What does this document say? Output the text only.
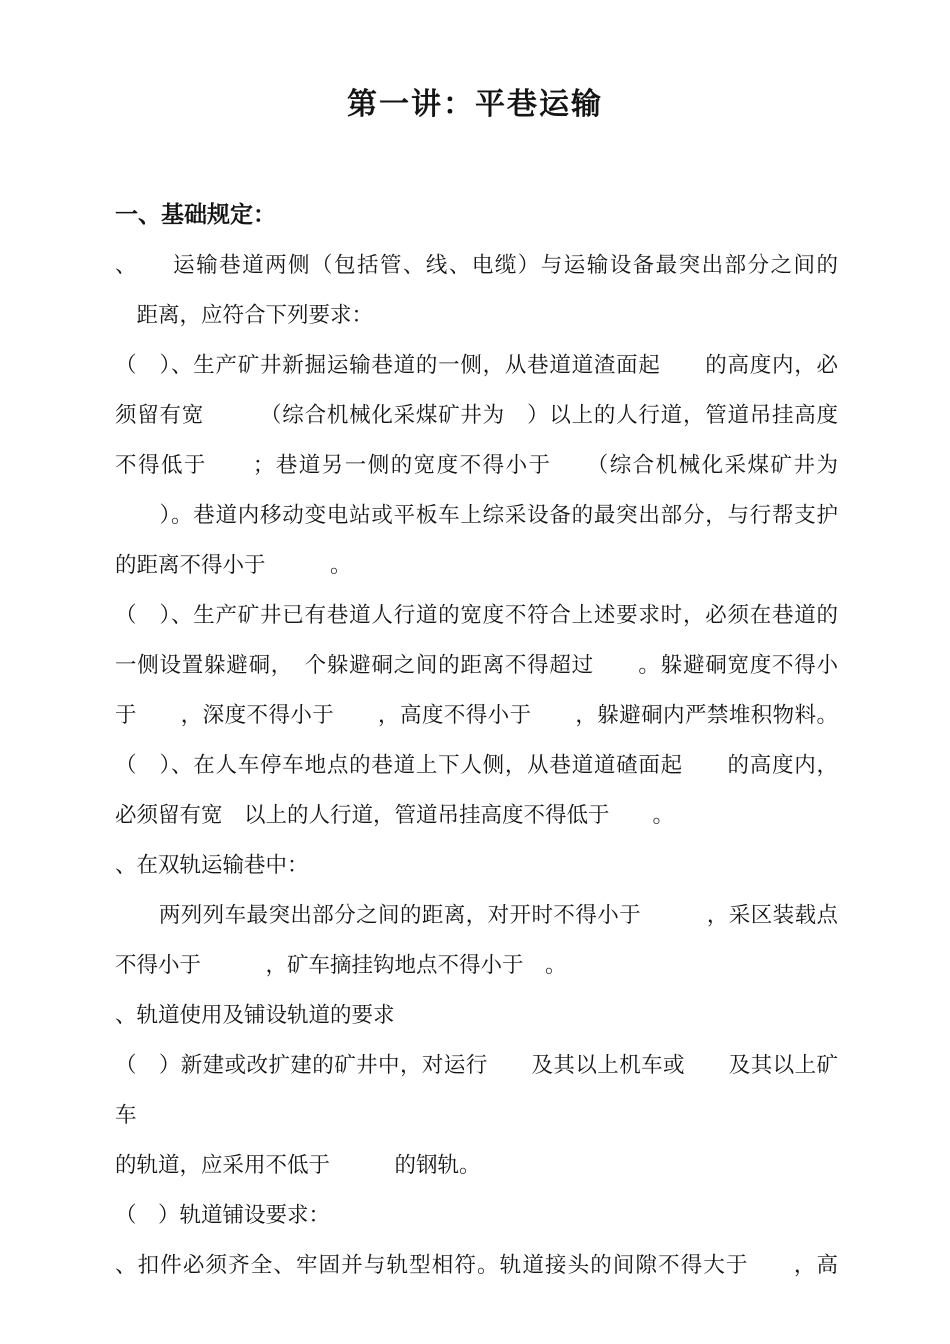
第一讲：平巷运输
一、基础规定：
、　　运输巷道两侧（包括管、线、电缆）与运输设备最突出部分之间的
　距离，应符合下列要求：
（　）、生产矿井新掘运输巷道的一侧，从巷道道渣面起　　的高度内，必
须留有宽　　　（综合机械化采煤矿井为　）以上的人行道，管道吊挂高度
不得低于　　；巷道另一侧的宽度不得小于　　（综合机械化采煤矿井为
　　）。巷道内移动变电站或平板车上综采设备的最突出部分，与行帮支护
的距离不得小于　　　。
（　）、生产矿井已有巷道人行道的宽度不符合上述要求时，必须在巷道的
一侧设置躲避硐，　个躲避硐之间的距离不得超过　　。躲避硐宽度不得小
于　　，深度不得小于　　，高度不得小于　　，躲避硐内严禁堆积物料。
（　）、在人车停车地点的巷道上下人侧，从巷道道碴面起　　的高度内，
必须留有宽　以上的人行道，管道吊挂高度不得低于　　。
、在双轨运输巷中：
　　两列列车最突出部分之间的距离，对开时不得小于　　　，采区装载点
不得小于　　　，矿车摘挂钩地点不得小于　。
、轨道使用及铺设轨道的要求
（　）新建或改扩建的矿井中，对运行　　及其以上机车或　　及其以上矿车
的轨道，应采用不低于　　　的钢轨。
（　）轨道铺设要求：
、扣件必须齐全、牢固并与轨型相符。轨道接头的间隙不得大于　　，高
